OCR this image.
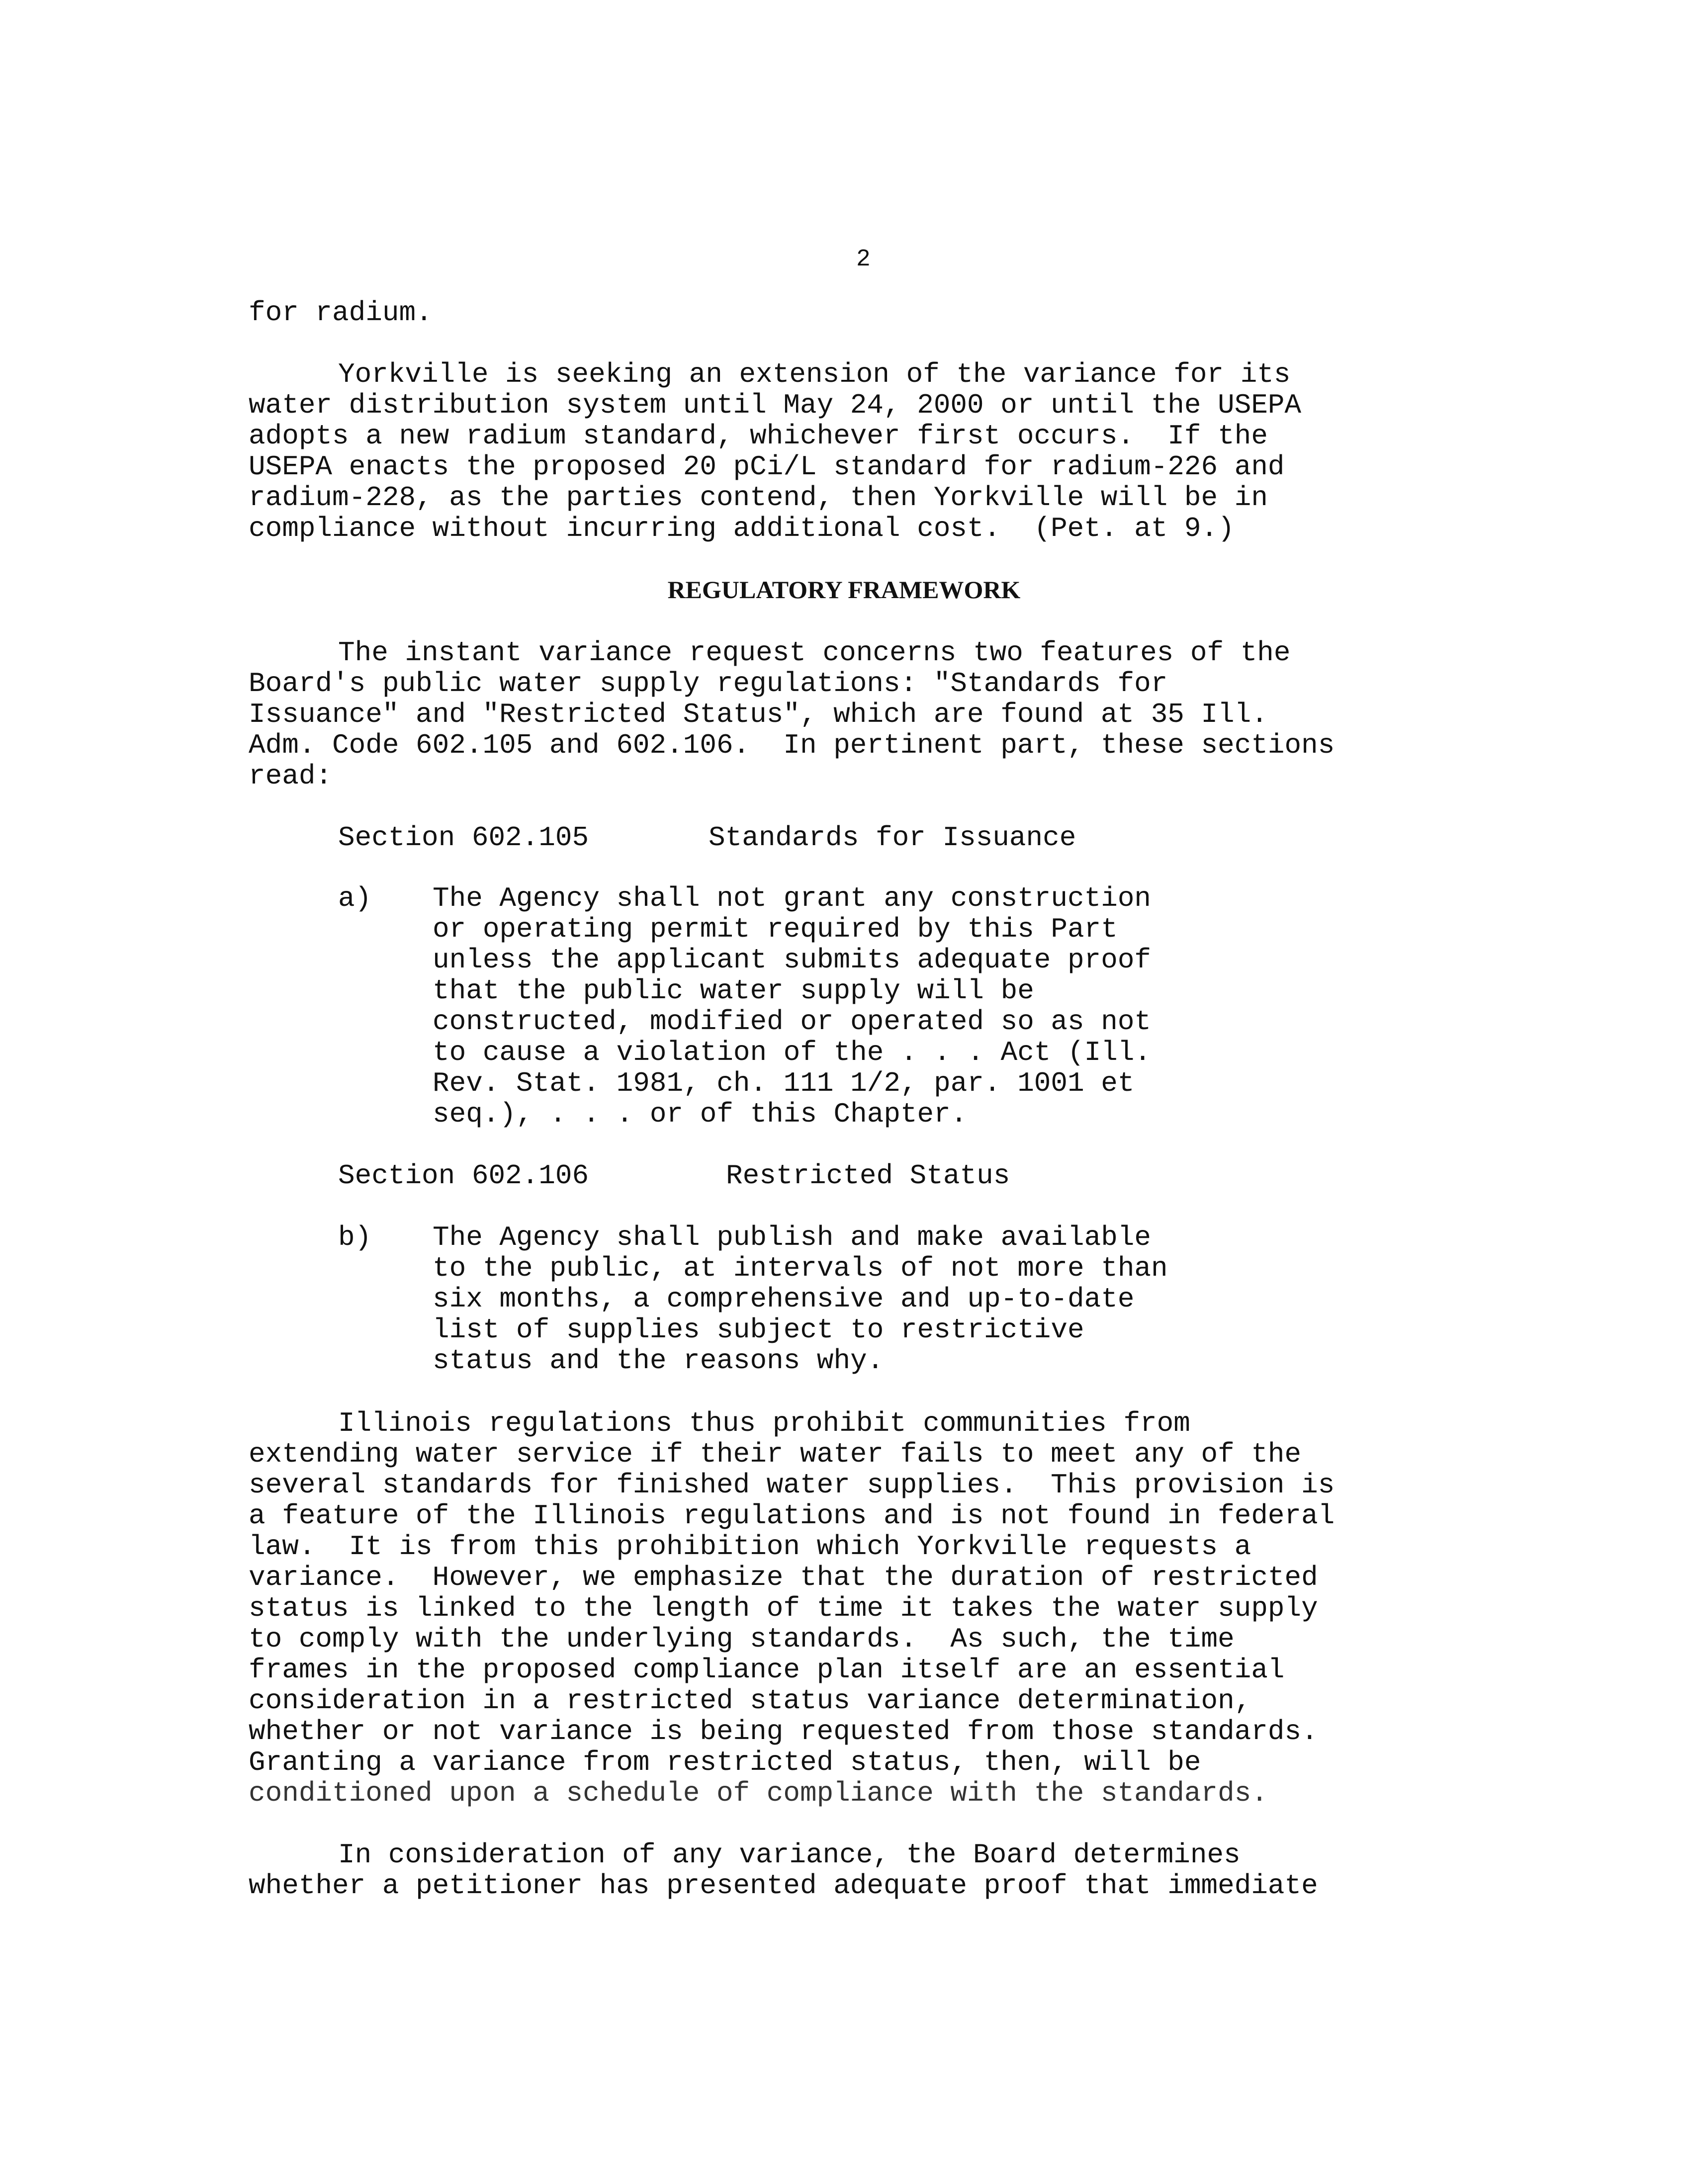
2
for radium.
Yorkville is seeking an extension of the variance for its
water distribution system until May 24, 2000 or until the USEPA
adopts a new radium standard, whichever first occurs.  If the
USEPA enacts the proposed 20 pCi/L standard for radium-226 and
radium-228, as the parties contend, then Yorkville will be in
compliance without incurring additional cost.  (Pet. at 9.)
REGULATORY FRAMEWORK
The instant variance request concerns two features of the
Board's public water supply regulations: "Standards for
Issuance" and "Restricted Status", which are found at 35 Ill.
Adm. Code 602.105 and 602.106.  In pertinent part, these sections
read:
Section 602.105	Standards for Issuance
a) The Agency shall not grant any construction
or operating permit required by this Part
unless the applicant submits adequate proof
that the public water supply will be
constructed, modified or operated so as not
to cause a violation of the . . . Act (Ill.
Rev. Stat. 1981, ch. 111 1/2, par. 1001 et
seq.), . . . or of this Chapter.
Section 602.106	Restricted Status
b) The Agency shall publish and make available
to the public, at intervals of not more than
six months, a comprehensive and up-to-date
list of supplies subject to restrictive
status and the reasons why.
Illinois regulations thus prohibit communities from
extending water service if their water fails to meet any of the
several standards for finished water supplies.  This provision is
a feature of the Illinois regulations and is not found in federal
law.  It is from this prohibition which Yorkville requests a
variance.  However, we emphasize that the duration of restricted
status is linked to the length of time it takes the water supply
to comply with the underlying standards.  As such, the time
frames in the proposed compliance plan itself are an essential
consideration in a restricted status variance determination,
whether or not variance is being requested from those standards.
Granting a variance from restricted status, then, will be
conditioned upon a schedule of compliance with the standards.
In consideration of any variance, the Board determines
whether a petitioner has presented adequate proof that immediate
